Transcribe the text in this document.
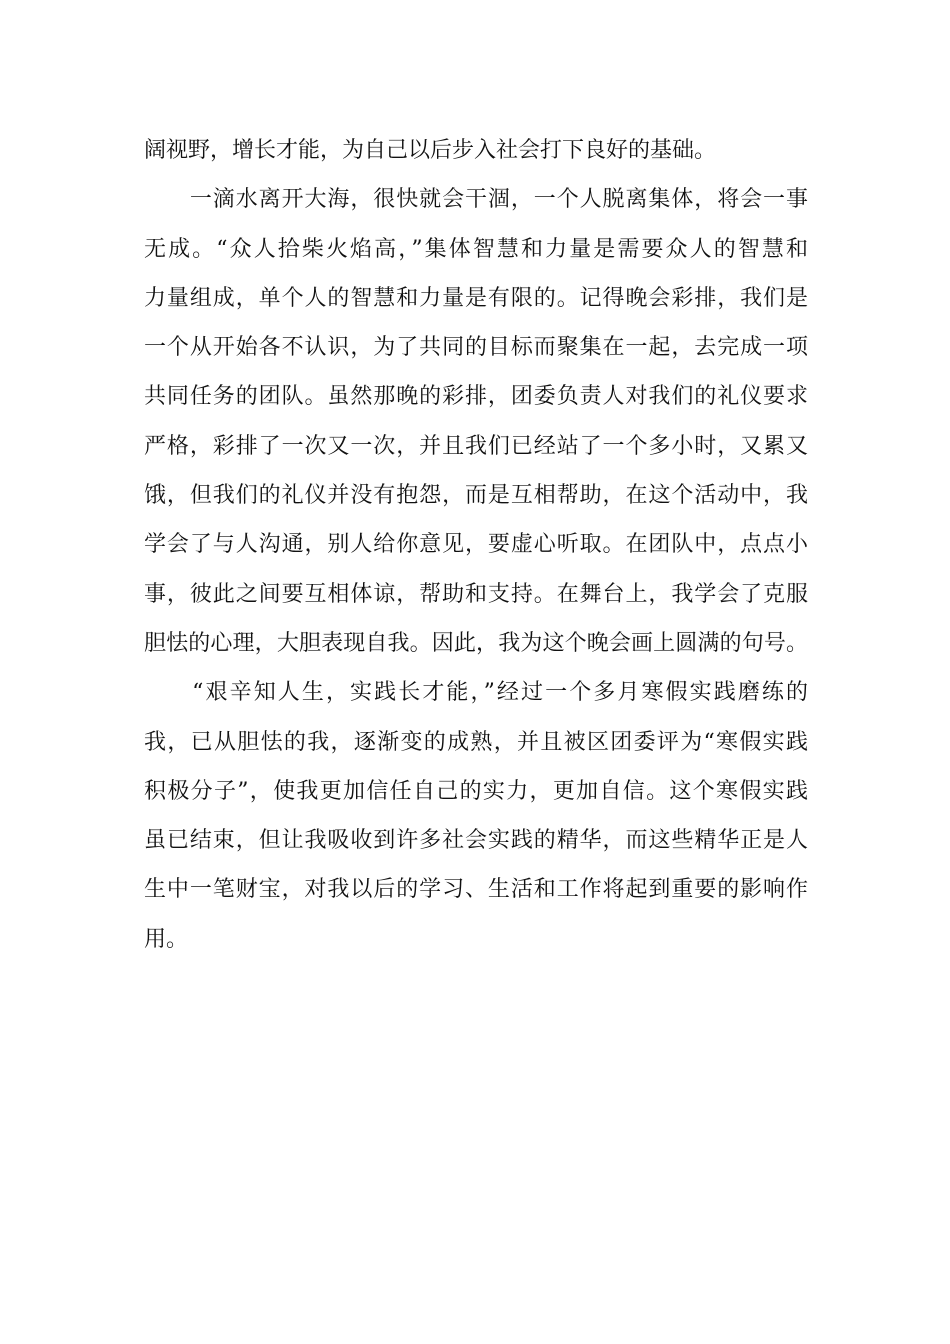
阔视野，增长才能，为自己以后步入社会打下良好的基础。

　　一滴水离开大海，很快就会干涸，一个人脱离集体，将会一事
无成。“众人拾柴火焰高，”集体智慧和力量是需要众人的智慧和
力量组成，单个人的智慧和力量是有限的。记得晚会彩排，我们是
一个从开始各不认识，为了共同的目标而聚集在一起，去完成一项
共同任务的团队。虽然那晚的彩排，团委负责人对我们的礼仪要求
严格，彩排了一次又一次，并且我们已经站了一个多小时，又累又
饿，但我们的礼仪并没有抱怨，而是互相帮助，在这个活动中，我
学会了与人沟通，别人给你意见，要虚心听取。在团队中，点点小
事，彼此之间要互相体谅，帮助和支持。在舞台上，我学会了克服
胆怯的心理，大胆表现自我。因此，我为这个晚会画上圆满的句号。

　　“艰辛知人生，实践长才能，”经过一个多月寒假实践磨练的
我，已从胆怯的我，逐渐变的成熟，并且被区团委评为“寒假实践
积极分子”，使我更加信任自己的实力，更加自信。这个寒假实践
虽已结束，但让我吸收到许多社会实践的精华，而这些精华正是人
生中一笔财宝，对我以后的学习、生活和工作将起到重要的影响作
用。
